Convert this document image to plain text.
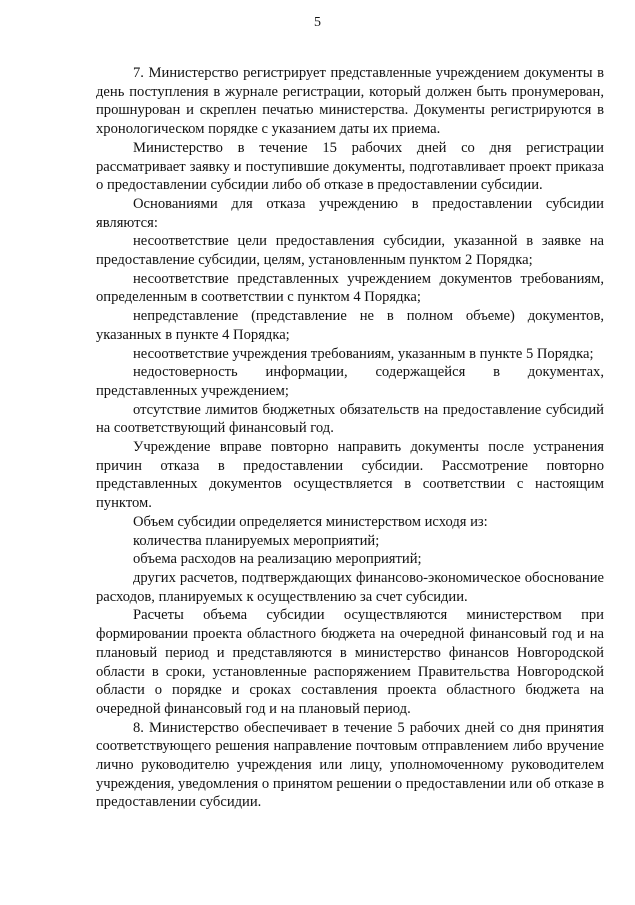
5

7. Министерство регистрирует представленные учреждением документы в день поступления в журнале регистрации, который должен быть пронумерован, прошнурован и скреплен печатью министерства. Документы регистрируются в хронологическом порядке с указанием даты их приема.

Министерство в течение 15 рабочих дней со дня регистрации рассматривает заявку и поступившие документы, подготавливает проект приказа о предоставлении субсидии либо об отказе в предоставлении субсидии.

Основаниями для отказа учреждению в предоставлении субсидии являются:

несоответствие цели предоставления субсидии, указанной в заявке на предоставление субсидии, целям, установленным пунктом 2 Порядка;

несоответствие представленных учреждением документов требованиям, определенным в соответствии с пунктом 4 Порядка;

непредставление (представление не в полном объеме) документов, указанных в пункте 4 Порядка;

несоответствие учреждения требованиям, указанным в пункте 5 Порядка;

недостоверность информации, содержащейся в документах, представленных учреждением;

отсутствие лимитов бюджетных обязательств на предоставление субсидий на соответствующий финансовый год.

Учреждение вправе повторно направить документы после устранения причин отказа в предоставлении субсидии. Рассмотрение повторно представленных документов осуществляется в соответствии с настоящим пунктом.

Объем субсидии определяется министерством исходя из:

количества планируемых мероприятий;

объема расходов на реализацию мероприятий;

других расчетов, подтверждающих финансово-экономическое обоснование расходов, планируемых к осуществлению за счет субсидии.

Расчеты объема субсидии осуществляются министерством при формировании проекта областного бюджета на очередной финансовый год и на плановый период и представляются в министерство финансов Новгородской области в сроки, установленные распоряжением Правительства Новгородской области о порядке и сроках составления проекта областного бюджета на очередной финансовый год и на плановый период.

8. Министерство обеспечивает в течение 5 рабочих дней со дня принятия соответствующего решения направление почтовым отправлением либо вручение лично руководителю учреждения или лицу, уполномоченному руководителем учреждения, уведомления о принятом решении о предоставлении или об отказе в предоставлении субсидии.
